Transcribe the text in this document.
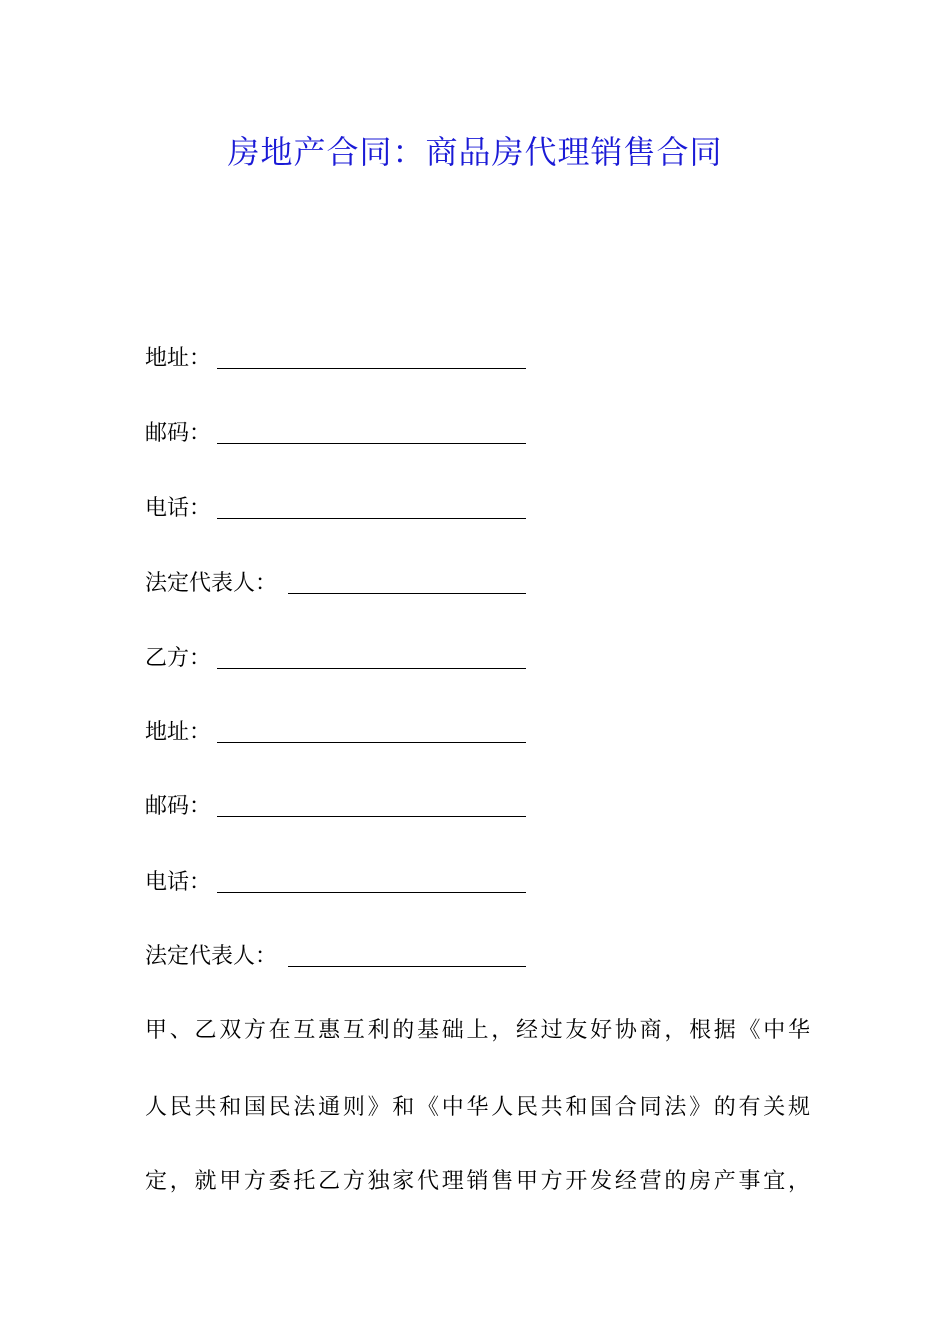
房地产合同：商品房代理销售合同
地址：
邮码：
电话：
法定代表人：
乙方：
地址：
邮码：
电话：
法定代表人：
甲、乙双方在互惠互利的基础上，经过友好协商，根据《中华
人民共和国民法通则》和《中华人民共和国合同法》的有关规
定，就甲方委托乙方独家代理销售甲方开发经营的房产事宜，
